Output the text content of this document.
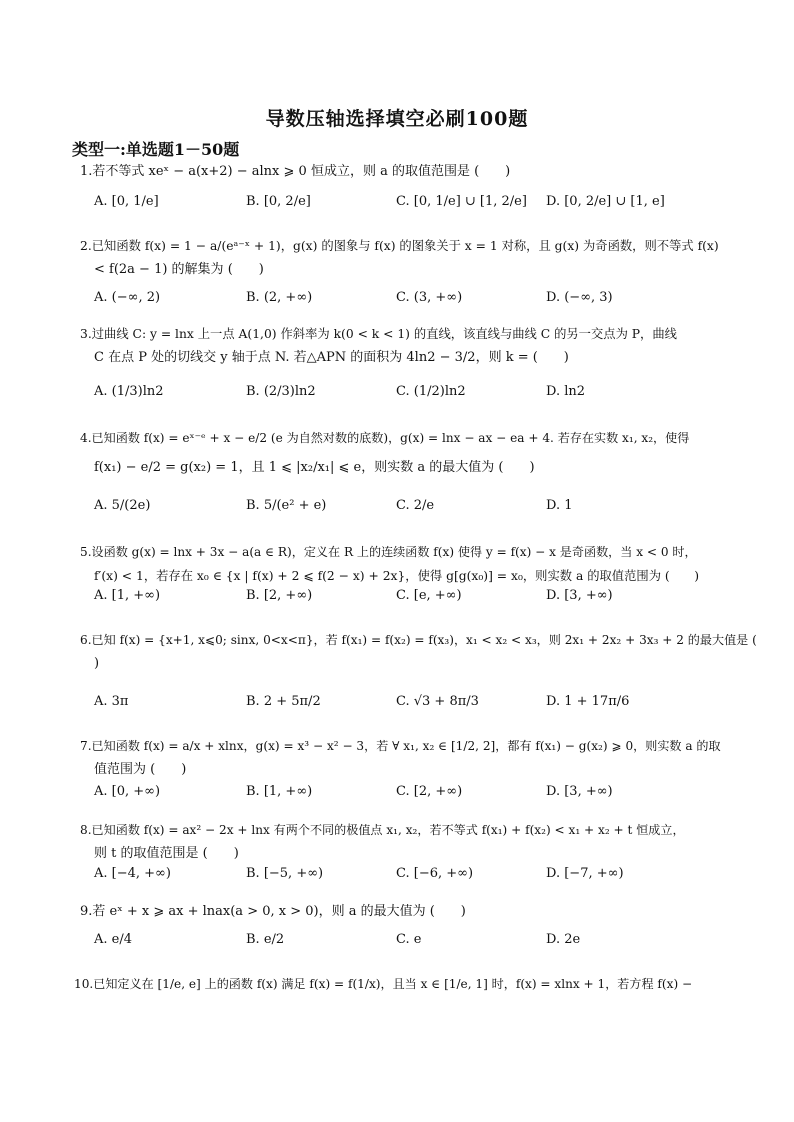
导数压轴选择填空必刷100题
类型一:单选题1－50题
1.若不等式 xeˣ − a(x+2) − alnx ⩾ 0 恒成立，则 a 的取值范围是 (　　)
A. [0, 1/e]	B. [0, 2/e]	C. [0, 1/e] ∪ [1, 2/e] D. [0, 2/e] ∪ [1, e]
2.已知函数 f(x) = 1 − a/(eᵃ⁻ˣ + 1)，g(x) 的图象与 f(x) 的图象关于 x = 1 对称，且 g(x) 为奇函数，则不等式 f(x)
< f(2a − 1) 的解集为 (　　)
A. (−∞, 2)	B. (2, +∞)	C. (3, +∞)	D. (−∞, 3)
3.过曲线 C: y = lnx 上一点 A(1,0) 作斜率为 k(0 < k < 1) 的直线，该直线与曲线 C 的另一交点为 P，曲线
C 在点 P 处的切线交 y 轴于点 N. 若△APN 的面积为 4ln2 − 3/2，则 k = (　　)
A. (1/3)ln2	B. (2/3)ln2	C. (1/2)ln2	D. ln2
4.已知函数 f(x) = eˣ⁻ᵉ + x − e/2 (e 为自然对数的底数)，g(x) = lnx − ax − ea + 4. 若存在实数 x₁, x₂，使得
f(x₁) − e/2 = g(x₂) = 1，且 1 ⩽ |x₂/x₁| ⩽ e，则实数 a 的最大值为 (　　)
A. 5/(2e)	B. 5/(e² + e)	C. 2/e	D. 1
5.设函数 g(x) = lnx + 3x − a(a ∈ R)，定义在 R 上的连续函数 f(x) 使得 y = f(x) − x 是奇函数，当 x < 0 时，
f′(x) < 1，若存在 x₀ ∈ {x | f(x) + 2 ⩽ f(2 − x) + 2x}，使得 g[g(x₀)] = x₀，则实数 a 的取值范围为 (　　)
A. [1, +∞)	B. [2, +∞)	C. [e, +∞)	D. [3, +∞)
6.已知 f(x) = {x+1, x⩽0; sinx, 0<x<π}，若 f(x₁) = f(x₂) = f(x₃)，x₁ < x₂ < x₃，则 2x₁ + 2x₂ + 3x₃ + 2 的最大值是 (
)
A. 3π	B. 2 + 5π/2	C. √3 + 8π/3	D. 1 + 17π/6
7.已知函数 f(x) = a/x + xlnx，g(x) = x³ − x² − 3，若 ∀ x₁, x₂ ∈ [1/2, 2]，都有 f(x₁) − g(x₂) ⩾ 0，则实数 a 的取
值范围为 (　　)
A. [0, +∞)	B. [1, +∞)	C. [2, +∞)	D. [3, +∞)
8.已知函数 f(x) = ax² − 2x + lnx 有两个不同的极值点 x₁, x₂，若不等式 f(x₁) + f(x₂) < x₁ + x₂ + t 恒成立，
则 t 的取值范围是 (　　)
A. [−4, +∞)	B. [−5, +∞)	C. [−6, +∞)	D. [−7, +∞)
9.若 eˣ + x ⩾ ax + lnax(a > 0, x > 0)，则 a 的最大值为 (　　)
A. e/4	B. e/2	C. e	D. 2e
10.已知定义在 [1/e, e] 上的函数 f(x) 满足 f(x) = f(1/x)，且当 x ∈ [1/e, 1] 时，f(x) = xlnx + 1，若方程 f(x) −
